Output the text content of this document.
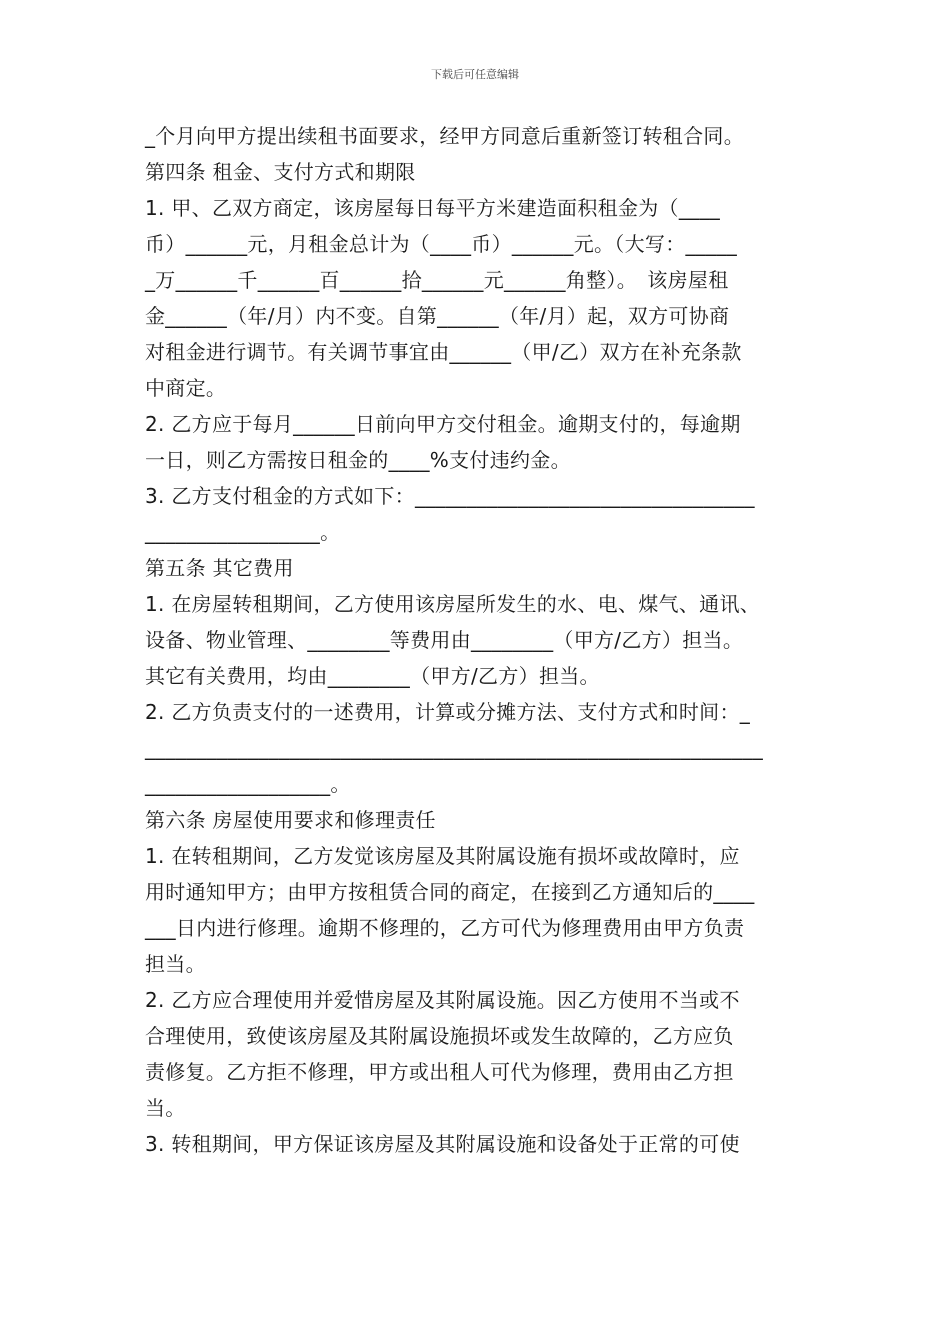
下载后可任意编辑
_个月向甲方提出续租书面要求，经甲方同意后重新签订转租合同。
第四条 租金、支付方式和期限
1. 甲、乙双方商定，该房屋每日每平方米建造面积租金为（____
币）______元，月租金总计为（____币）______元。（大写：_____
_万______千______百______拾______元______角整）。　该房屋租
金______（年/月）内不变。自第______（年/月）起，双方可协商
对租金进行调节。有关调节事宜由______（甲/乙）双方在补充条款
中商定。
2. 乙方应于每月______日前向甲方交付租金。逾期支付的，每逾期
一日，则乙方需按日租金的____%支付违约金。
3. 乙方支付租金的方式如下：_________________________________
_________________。
第五条 其它费用
1. 在房屋转租期间，乙方使用该房屋所发生的水、电、煤气、通讯、
设备、物业管理、________等费用由________（甲方/乙方）担当。
其它有关费用，均由________（甲方/乙方）担当。
2. 乙方负责支付的一述费用，计算或分摊方法、支付方式和时间：_
____________________________________________________________
__________________。
第六条 房屋使用要求和修理责任
1. 在转租期间，乙方发觉该房屋及其附属设施有损坏或故障时，应
用时通知甲方；由甲方按租赁合同的商定，在接到乙方通知后的____
___日内进行修理。逾期不修理的，乙方可代为修理费用由甲方负责
担当。
2. 乙方应合理使用并爱惜房屋及其附属设施。因乙方使用不当或不
合理使用，致使该房屋及其附属设施损坏或发生故障的，乙方应负
责修复。乙方拒不修理，甲方或出租人可代为修理，费用由乙方担
当。
3. 转租期间，甲方保证该房屋及其附属设施和设备处于正常的可使
